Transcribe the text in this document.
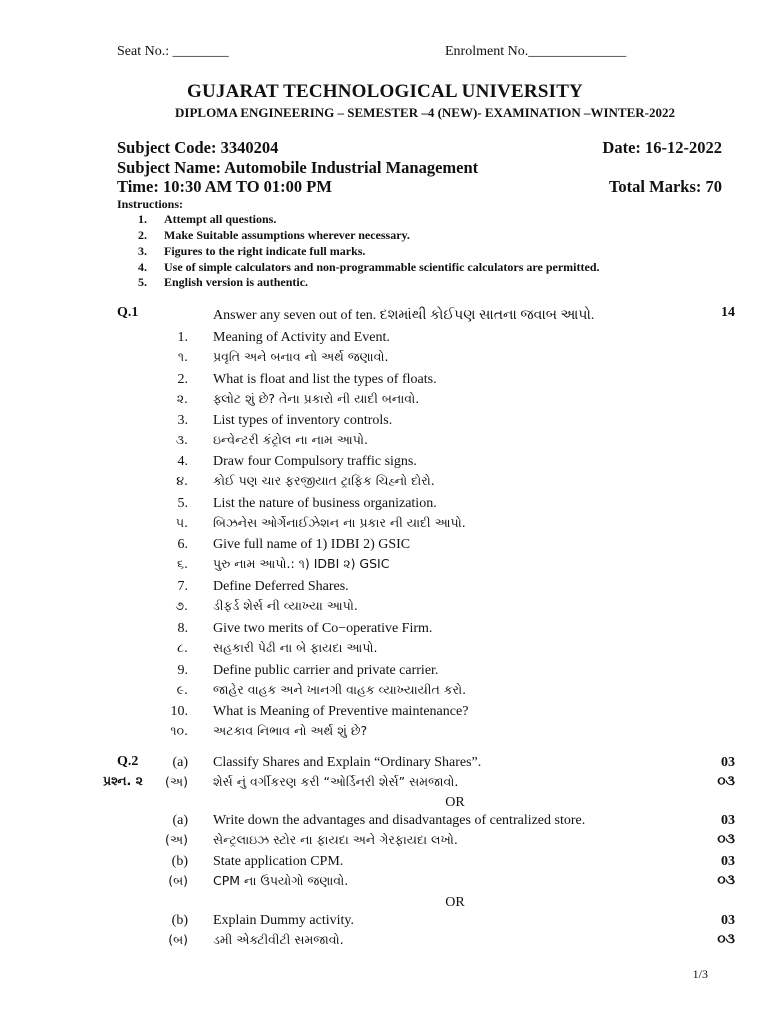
Seat No.: ________	Enrolment No.______________
GUJARAT TECHNOLOGICAL UNIVERSITY
DIPLOMA ENGINEERING – SEMESTER –4 (NEW)- EXAMINATION –WINTER-2022
Subject Code: 3340204	Date: 16-12-2022
Subject Name: Automobile Industrial Management
Time: 10:30 AM TO 01:00 PM	Total Marks: 70
Instructions:
1. Attempt all questions.
2. Make Suitable assumptions wherever necessary.
3. Figures to the right indicate full marks.
4. Use of simple calculators and non-programmable scientific calculators are permitted.
5. English version is authentic.
Q.1	Answer any seven out of ten. દશમાંથી કોઈપણ સાતના જવાબ આપો.	14
1. Meaning of Activity and Event.
૧. પ્રવૃતિ અને બનાવ નો અર્થ જણાવો.
2. What is float and list the types of floats.
૨. ફ્લોટ શું છે? તેના પ્રકારો ની યાદી બનાવો.
3. List types of inventory controls.
૩. ઇન્વેન્ટરી કંટ્રોલ ના નામ આપો.
4. Draw four Compulsory traffic signs.
૪. કોઈ પણ ચાર ફરજીયાત ટ્રાફિક ચિહ્નો દોરો.
5. List the nature of business organization.
૫. બિઝનેસ ઓર્ગેનાઈઝેશન ના પ્રકાર ની યાદી આપો.
6. Give full name of 1) IDBI 2) GSIC
૬. પુરુ નામ આપો.: ૧) IDBI ૨) GSIC
7. Define Deferred Shares.
૭. ડીફર્ડ શેર્સ ની વ્યાખ્યા આપો.
8. Give two merits of Co−operative Firm.
૮. સહકારી પેઢી ના બે ફાયદા આપો.
9. Define public carrier and private carrier.
૯. જાહેર વાહક અને ખાનગી વાહક વ્યાખ્યાયીત કરો.
10. What is Meaning of Preventive maintenance?
૧૦. અટકાવ નિભાવ નો અર્થ શું છે?
Q.2
પ્રશ્ન. ૨
(a) Classify Shares and Explain “Ordinary Shares”.	03
(અ) શેર્સ નું વર્ગીકરણ કરી “ઓર્ડિનરી શેર્સ” સમજાવો.	૦૩
OR
(a) Write down the advantages and disadvantages of centralized store.	03
(અ) સેન્ટ્રલાઇઝ સ્ટોર ના ફાયદા અને ગેરફાયદા લખો.	૦૩
(b) State application CPM.	03
(બ) CPM ના ઉપયોગો જણાવો.	૦૩
OR
(b) Explain Dummy activity.	03
(બ) ડમી એક્ટીવીટી સમજાવો.	૦૩
1/3
